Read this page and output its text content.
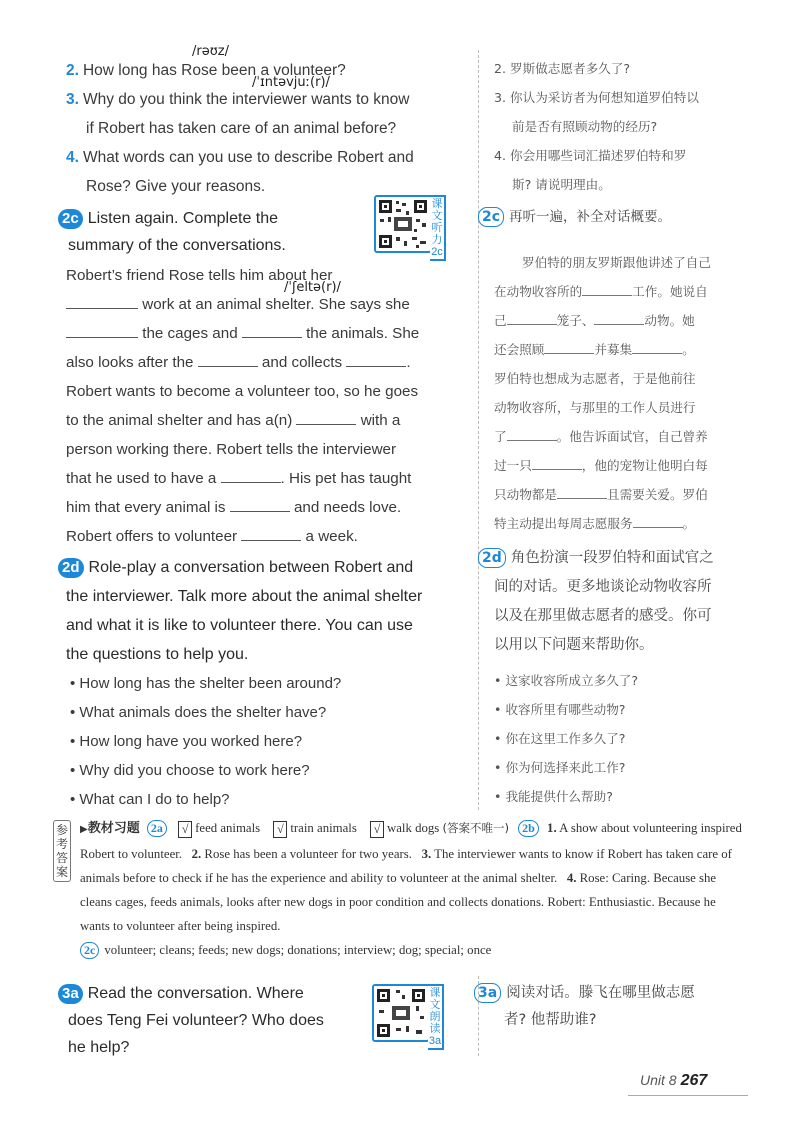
/rəʊz/
2. How long has Rose been a volunteer?
/ˈɪntəvjuː(r)/
3. Why do you think the interviewer wants to know
if Robert has taken care of an animal before?
4. What words can you use to describe Robert and
Rose? Give your reasons.
2c Listen again. Complete the
summary of the conversations.
课文听力2c
/ˈʃeltə(r)/
Robert’s friend Rose tells him about her
work at an animal shelter. She says she
the cages and	the animals. She
also looks after the	and collects	.
Robert wants to become a volunteer too, so he goes
to the animal shelter and has a(n)	with a
person working there. Robert tells the interviewer
that he used to have a	. His pet has taught
him that every animal is	and needs love.
Robert offers to volunteer	a week.
2d Role-play a conversation between Robert and
the interviewer. Talk more about the animal shelter
and what it is like to volunteer there. You can use
the questions to help you.
• How long has the shelter been around?
• What animals does the shelter have?
• How long have you worked here?
• Why did you choose to work here?
• What can I do to help?
2. 罗斯做志愿者多久了?
3. 你认为采访者为何想知道罗伯特以
前是否有照顾动物的经历?
4. 你会用哪些词汇描述罗伯特和罗
斯? 请说明理由。
2c 再听一遍，补全对话概要。
罗伯特的朋友罗斯跟他讲述了自己
在动物收容所的	工作。她说自
己	笼子、	动物。她
还会照顾	并募集	。
罗伯特也想成为志愿者，于是他前往
动物收容所，与那里的工作人员进行
了	。他告诉面试官，自己曾养
过一只	，他的宠物让他明白每
只动物都是	且需要关爱。罗伯
特主动提出每周志愿服务	。
2d 角色扮演一段罗伯特和面试官之
间的对话。更多地谈论动物收容所
以及在那里做志愿者的感受。你可
以用以下问题来帮助你。
• 这家收容所成立多久了?
• 收容所里有哪些动物?
• 你在这里工作多久了?
• 你为何选择来此工作?
• 我能提供什么帮助?
参考答案
▶教材习题 2a √ feed animals √ train animals √ walk dogs (答案不唯一) 2b 1. A show about volunteering inspired Robert to volunteer. 2. Rose has been a volunteer for two years. 3. The interviewer wants to know if Robert has taken care of animals before to check if he has the experience and ability to volunteer at the animal shelter. 4. Rose: Caring. Because she cleans cages, feeds animals, looks after new dogs in poor condition and collects donations. Robert: Enthusiastic. Because he wants to volunteer after being inspired.
2c volunteer; cleans; feeds; new dogs; donations; interview; dog; special; once
3a Read the conversation. Where
does Teng Fei volunteer? Who does
he help?
课文朗读3a
3a 阅读对话。滕飞在哪里做志愿
者? 他帮助谁?
Unit 8 267
